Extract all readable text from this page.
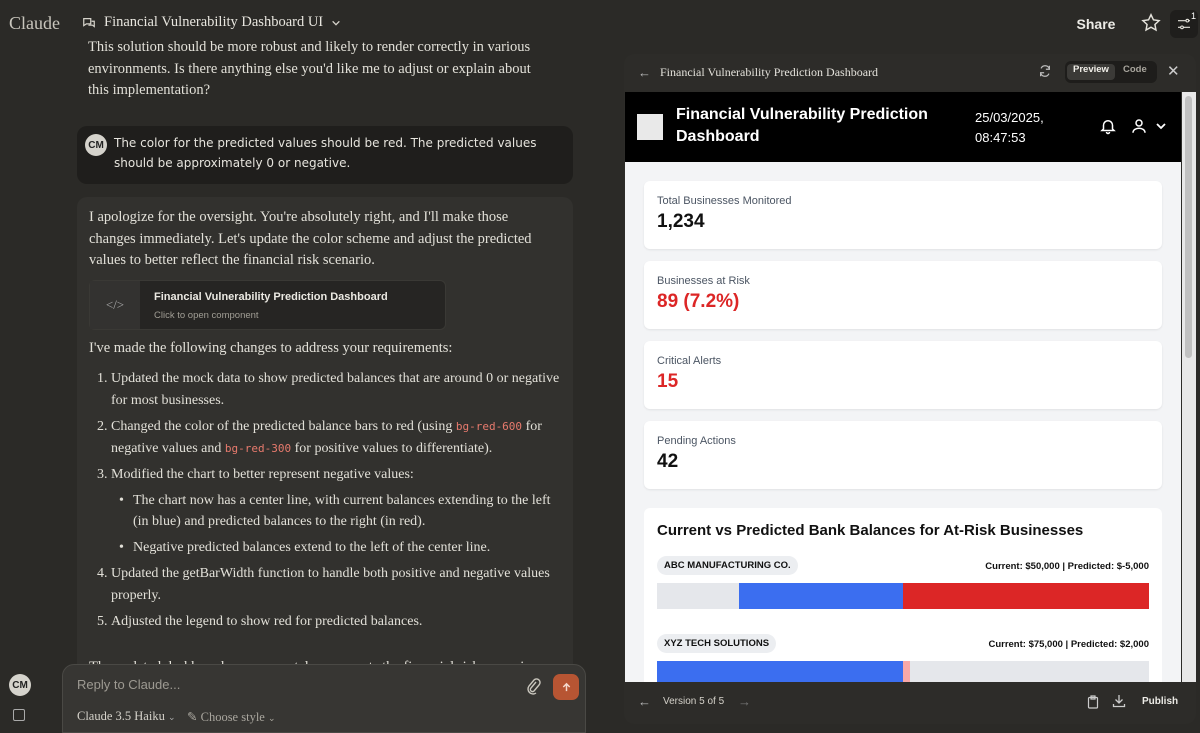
Claude	Financial Vulnerability Dashboard UI	Share	1
This solution should be more robust and likely to render correctly in various environments. Is there anything else you'd like me to adjust or explain about this implementation?
CM The color for the predicted values should be red. The predicted values should be approximately 0 or negative.
I apologize for the oversight. You're absolutely right, and I'll make those changes immediately. Let's update the color scheme and adjust the predicted values to better reflect the financial risk scenario.
</>	Financial Vulnerability Prediction Dashboard
Click to open component
I've made the following changes to address your requirements:
1. Updated the mock data to show predicted balances that are around 0 or negative for most businesses.
2. Changed the color of the predicted balance bars to red (using bg-red-600 for negative values and bg-red-300 for positive values to differentiate).
3. Modified the chart to better represent negative values:
• The chart now has a center line, with current balances extending to the left (in blue) and predicted balances to the right (in red).
• Negative predicted balances extend to the left of the center line.
4. Updated the getBarWidth function to handle both positive and negative values properly.
5. Adjusted the legend to show red for predicted balances.
CM	Reply to Claude...
Claude 3.5 Haiku ⌄ ✎ Choose style ⌄
← Financial Vulnerability Prediction Dashboard	Preview	Code	✕
Financial Vulnerability Prediction Dashboard
25/03/2025, 08:47:53
Total Businesses Monitored
1,234
Businesses at Risk
89 (7.2%)
Critical Alerts
15
Pending Actions
42
Current vs Predicted Bank Balances for At-Risk Businesses
ABC MANUFACTURING CO.	Current: $50,000 | Predicted: $-5,000
XYZ TECH SOLUTIONS	Current: $75,000 | Predicted: $2,000
← Version 5 of 5 →	Publish
